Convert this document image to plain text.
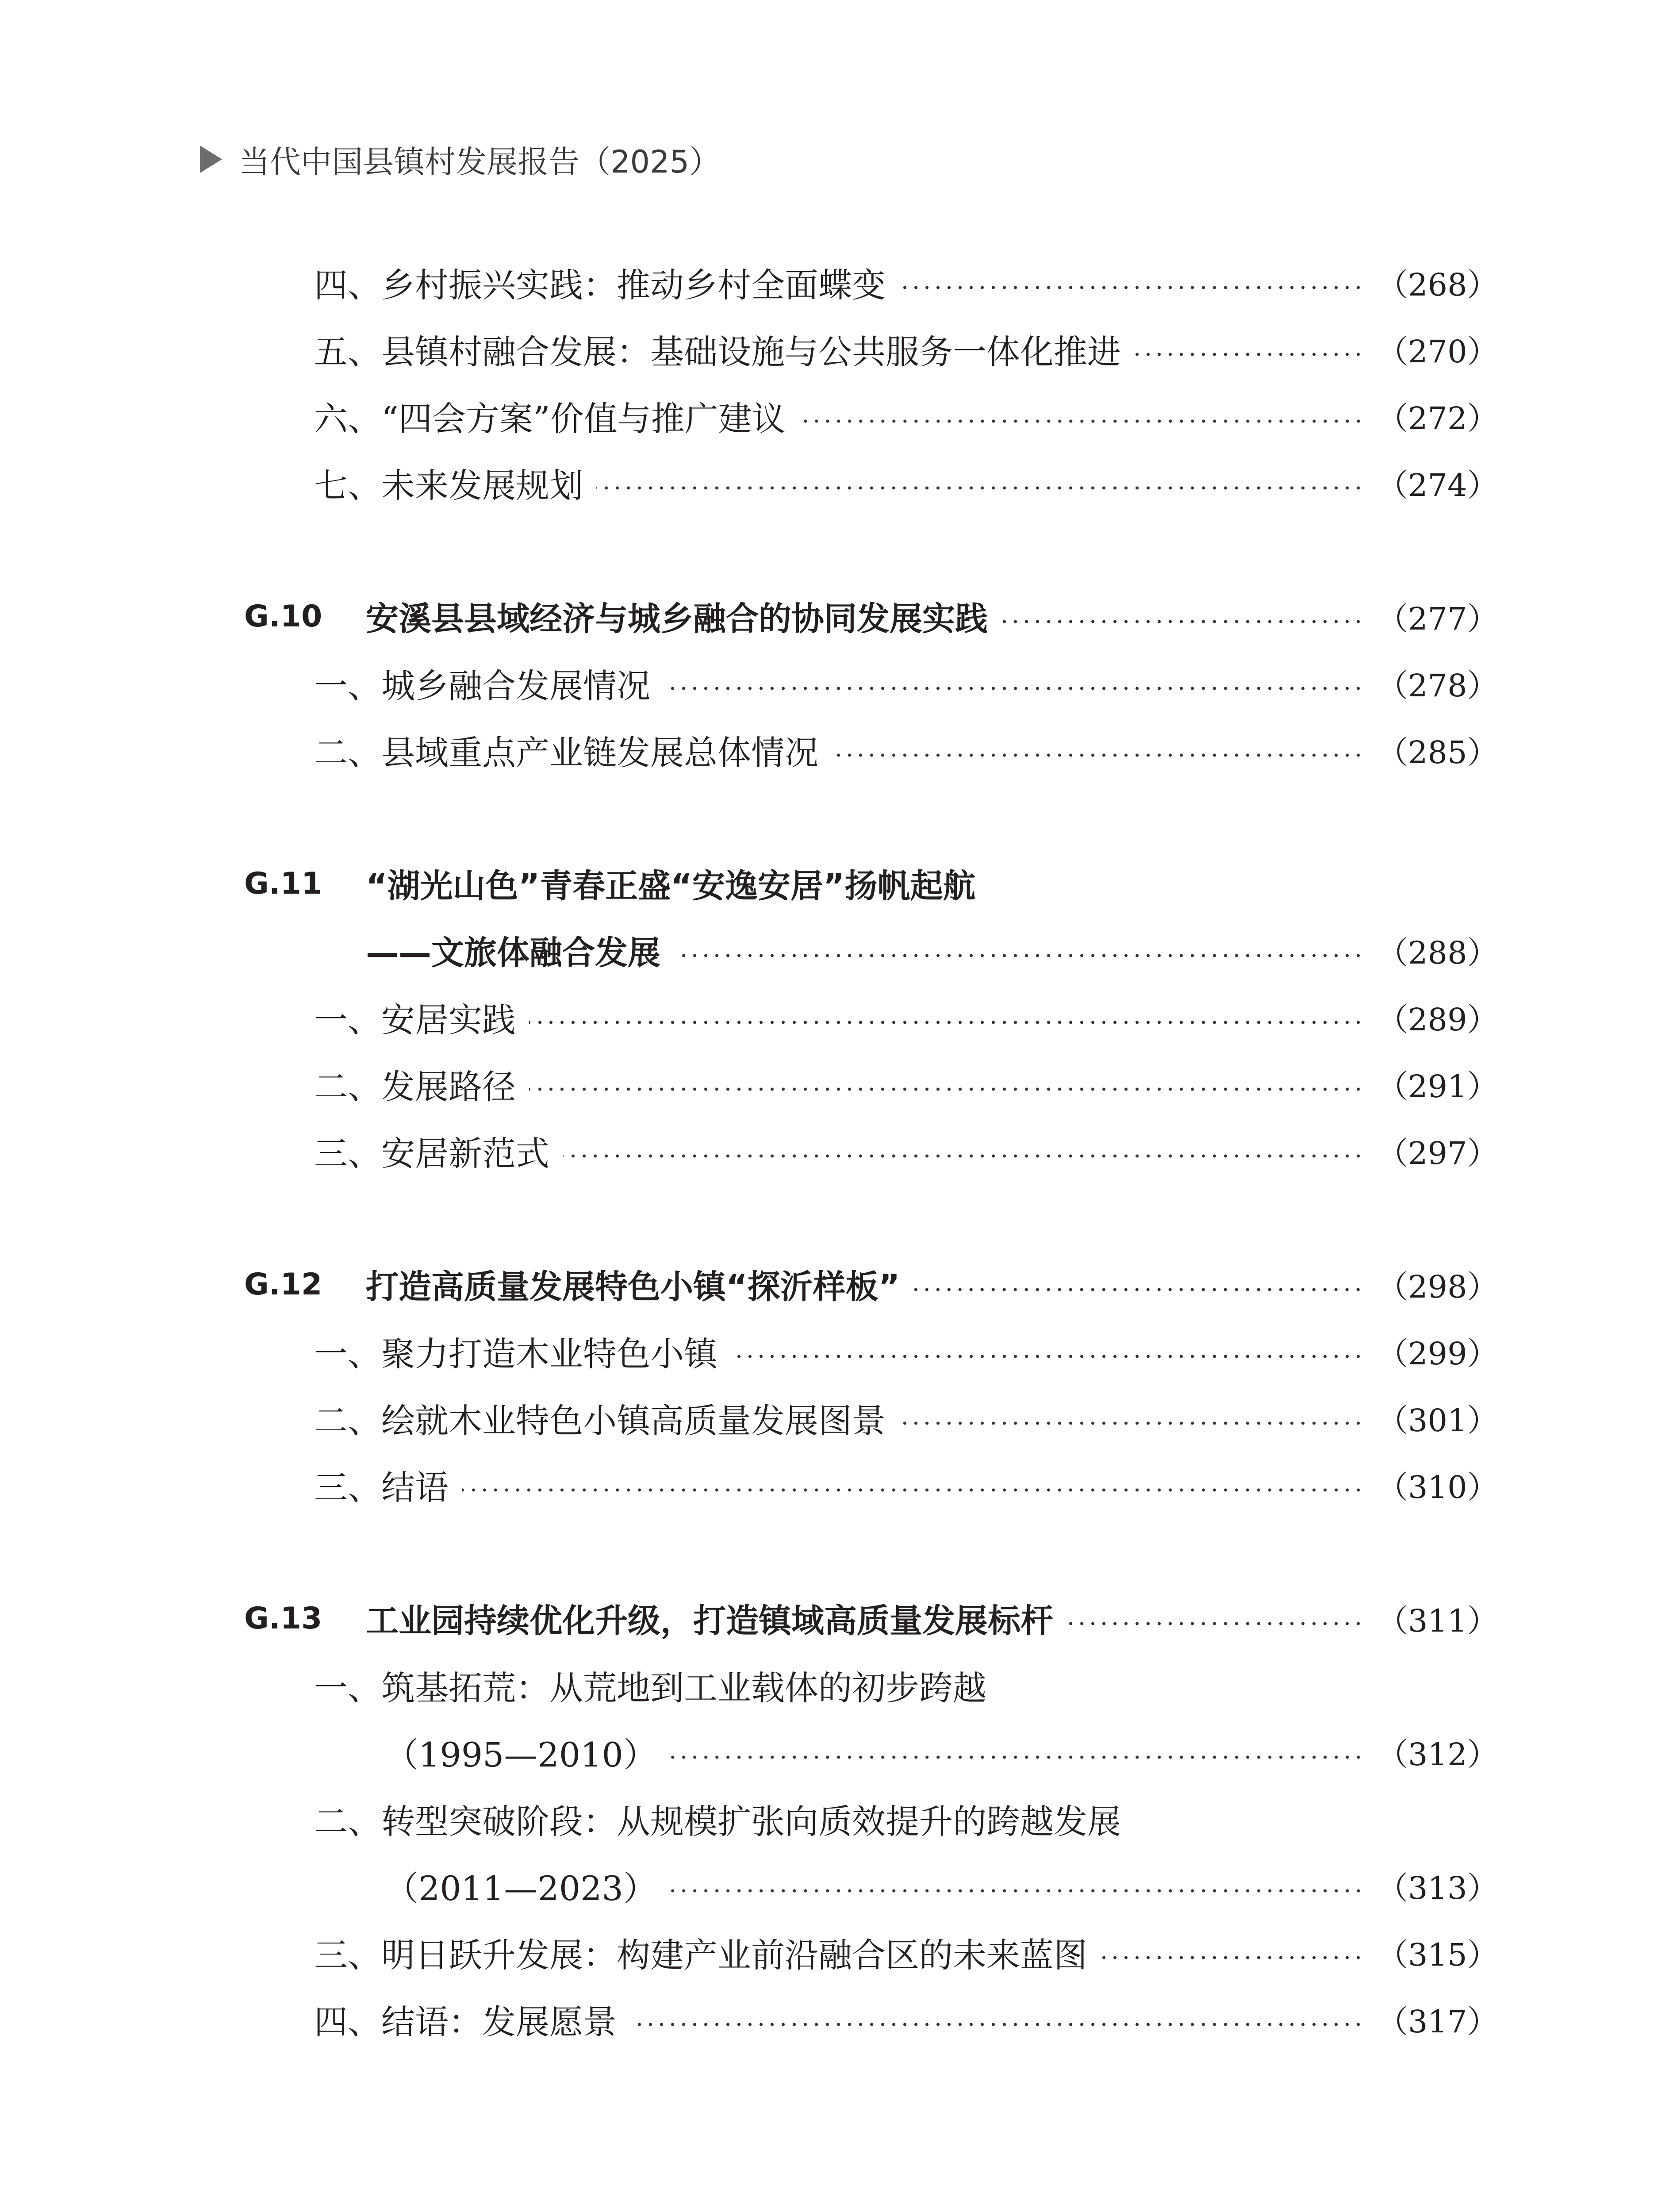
当代中国县镇村发展报告（2025）
四、乡村振兴实践：推动乡村全面蝶变	（268）
五、县镇村融合发展：基础设施与公共服务一体化推进	（270）
六、“四会方案”价值与推广建议	（272）
七、未来发展规划	（274）
G.10	安溪县县域经济与城乡融合的协同发展实践	（277）
一、城乡融合发展情况	（278）
二、县域重点产业链发展总体情况	（285）
G.11	“湖光山色”青春正盛“安逸安居”扬帆起航
——文旅体融合发展	（288）
一、安居实践	（289）
二、发展路径	（291）
三、安居新范式	（297）
G.12	打造高质量发展特色小镇“探沂样板”	（298）
一、聚力打造木业特色小镇	（299）
二、绘就木业特色小镇高质量发展图景	（301）
三、结语	（310）
G.13	工业园持续优化升级，打造镇域高质量发展标杆	（311）
一、筑基拓荒：从荒地到工业载体的初步跨越
（1995—2010）	（312）
二、转型突破阶段：从规模扩张向质效提升的跨越发展
（2011—2023）	（313）
三、明日跃升发展：构建产业前沿融合区的未来蓝图	（315）
四、结语：发展愿景	（317）
